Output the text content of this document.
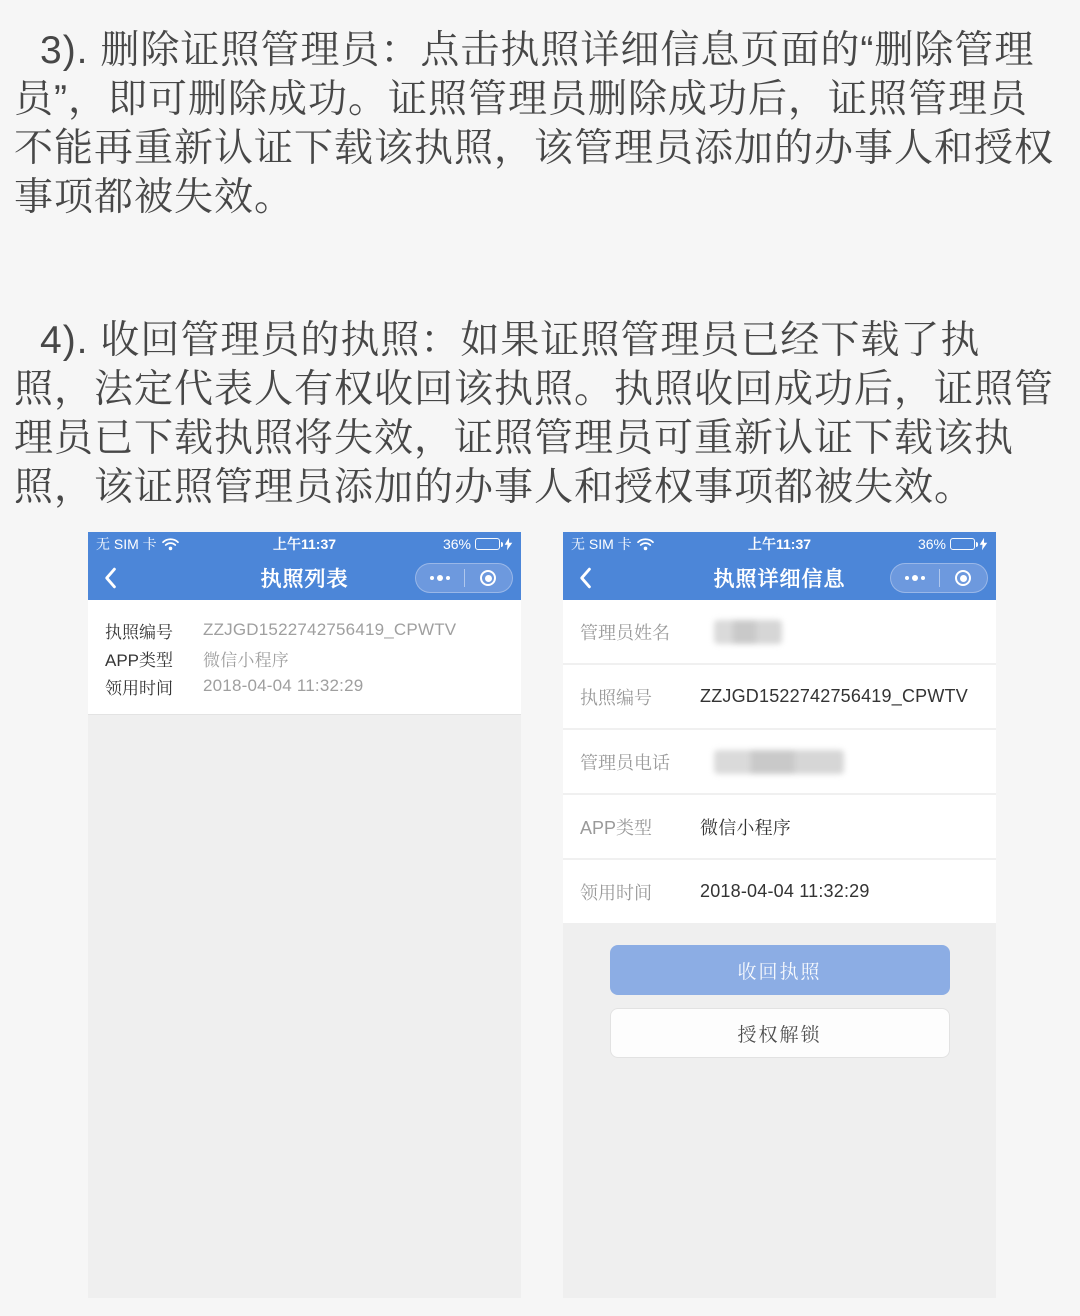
3). 删除证照管理员：点击执照详细信息页面的“删除管理员”，即可删除成功。证照管理员删除成功后，证照管理员不能再重新认证下载该执照，该管理员添加的办事人和授权事项都被失效。

4). 收回管理员的执照：如果证照管理员已经下载了执照，法定代表人有权收回该执照。执照收回成功后，证照管理员已下载执照将失效，证照管理员可重新认证下载该执照，该证照管理员添加的办事人和授权事项都被失效。

无 SIM 卡	上午11:37	36%
执照列表
执照编号	ZZJGD1522742756419_CPWTV
APP类型	微信小程序
领用时间	2018-04-04 11:32:29
无 SIM 卡	上午11:37	36%
执照详细信息
管理员姓名
执照编号	ZZJGD1522742756419_CPWTV
管理员电话
APP类型	微信小程序
领用时间	2018-04-04 11:32:29
收回执照
授权解锁
